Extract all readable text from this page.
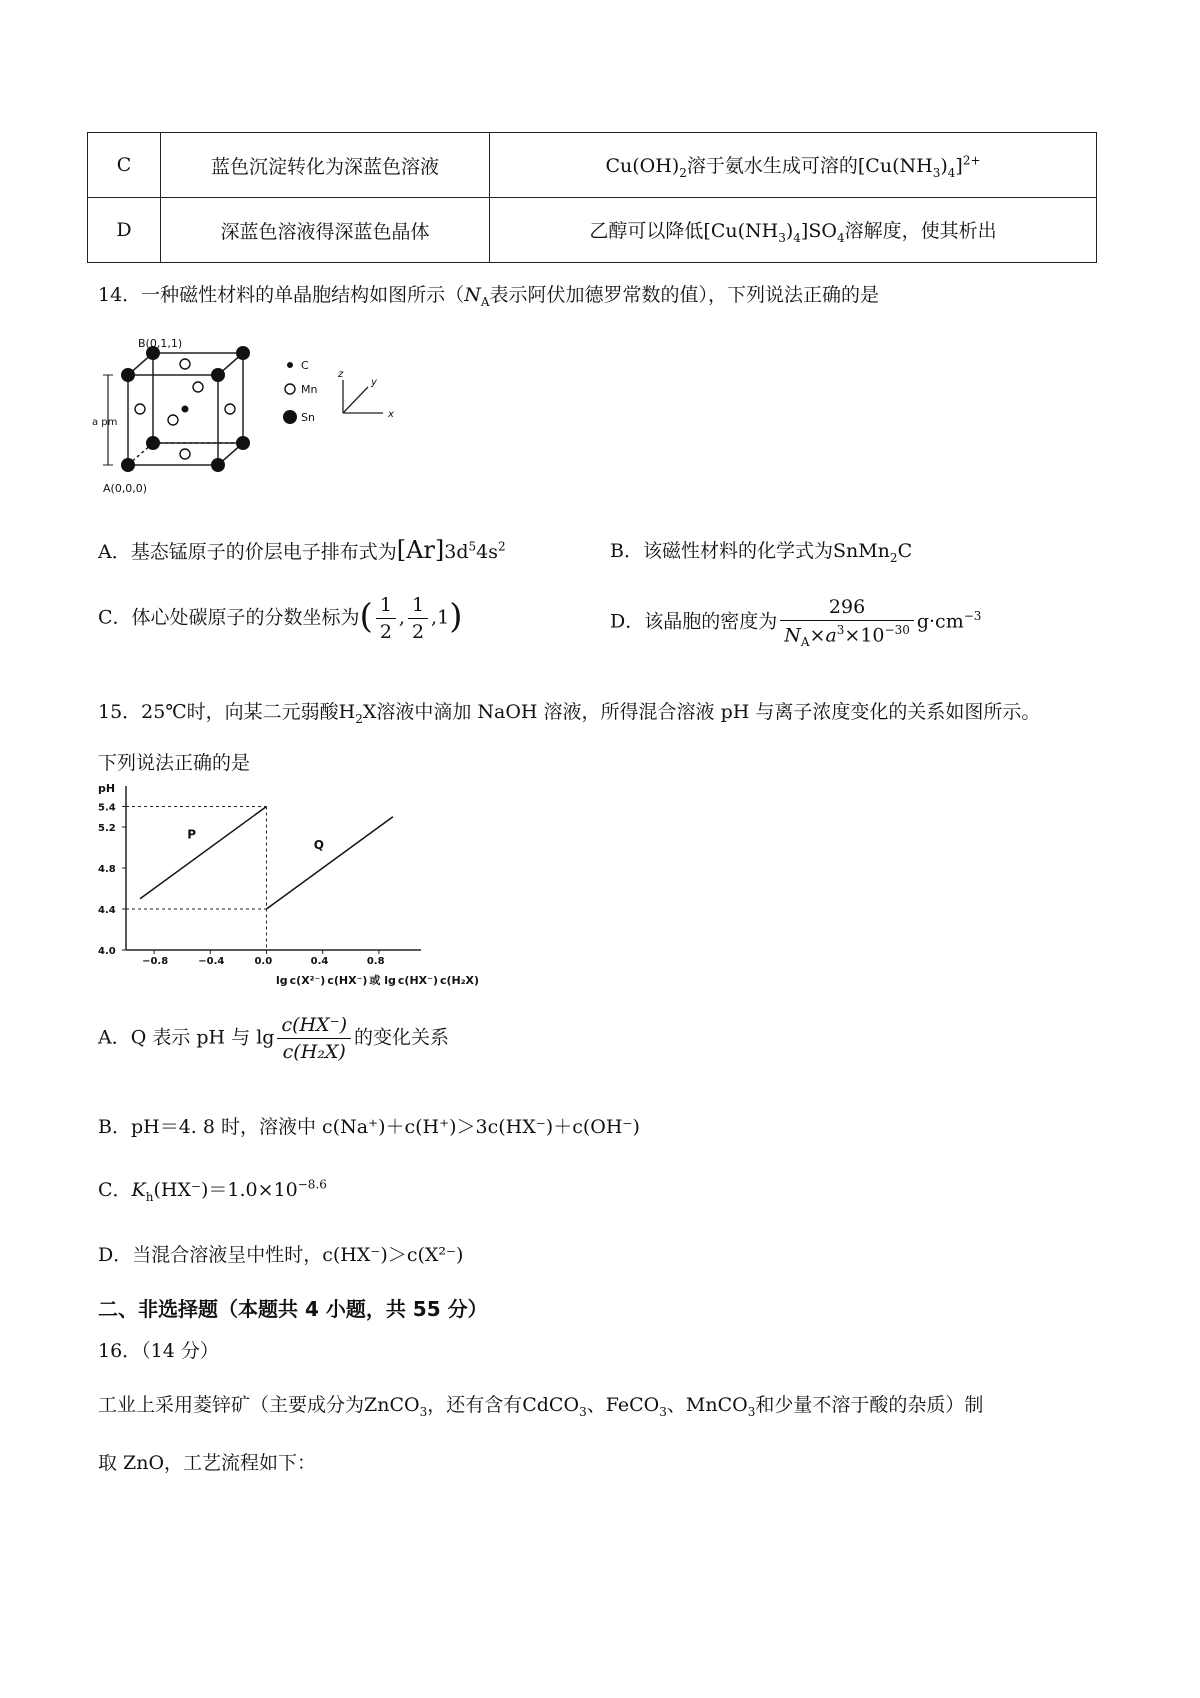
C	蓝色沉淀转化为深蓝色溶液	$Cu(OH)_2$溶于氨水生成可溶的$[Cu(NH_3)_4]^{2+}$
D	深蓝色溶液得深蓝色晶体	乙醇可以降低$[Cu(NH_3)_4]SO_4$溶解度，使其析出
14．一种磁性材料的单晶胞结构如图所示（$N_A$表示阿伏加德罗常数的值），下列说法正确的是
a pm
B(0,1,1)
A(0,0,0)
C
Mn
Sn
z
y
x
A．基态锰原子的价层电子排布式为$[Ar]3d^54s^2$	B．该磁性材料的化学式为SnMn$_2$C
C．体心处碳原子的分数坐标为( $\frac{1}{2}$ , $\frac{1}{2} ,1$)	D．该晶胞的密度为 $\frac{296}{N_A\times a^3\times 10^{-30}} g\cdot cm^{-3}$
15．25℃时，向某二元弱酸$H_2X$溶液中滴加 NaOH 溶液，所得混合溶液 pH 与离子浓度变化的关系如图所示。
下列说法正确的是
pH
lg c(X²⁻) c(HX⁻) 或 lg c(HX⁻) c(H₂X)
5.4
5.2
4.8
4.4
4.0
−0.8	−0.4	0.0	0.4	0.8
P
Q
A．Q 表示 pH 与 $\lg \frac{c(HX^-)}{\text{c(H₂X)}}$ 的变化关系
B．pH＝4. 8 时，溶液中 c(Na⁺)＋c(H⁺)＞3c(HX⁻)＋c(OH⁻)
C．$K_h(HX^-)=1.0\times 10^{-8.6}$
D．当混合溶液呈中性时，c(HX⁻)＞c(X²⁻)
二、非选择题（本题共 4 小题，共 55 分）
16．（14 分）
工业上采用菱锌矿（主要成分为ZnCO$_3$，还有含有CdCO$_3$、FeCO$_3$、MnCO$_3$和少量不溶于酸的杂质）制
取 ZnO，工艺流程如下：
